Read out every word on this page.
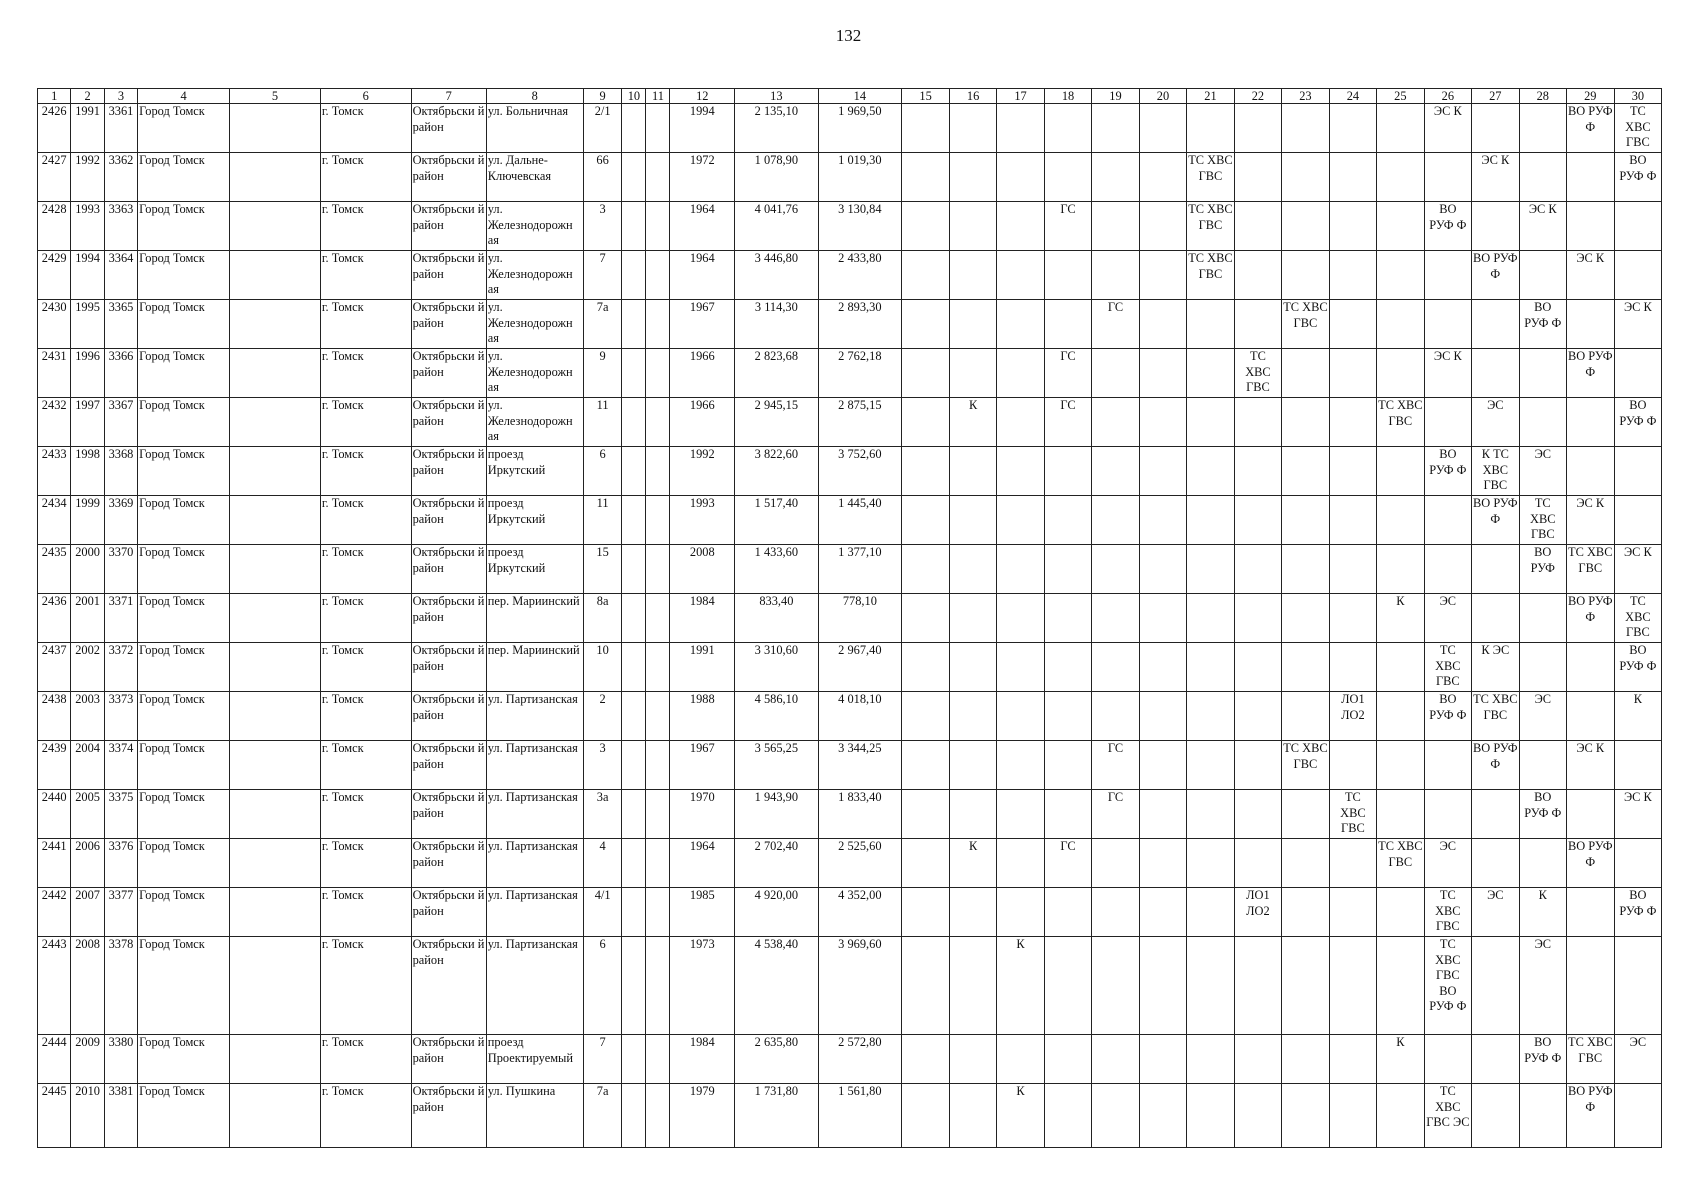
132
1	2	3	4	5	6	7	8	9	10	11	12	13	14	15	16	17	18	19	20	21	22	23	24	25	26	27	28	29	30
2426	1991	3361	Город Томск		г. Томск	Октябрьски й район	ул. Больничная	2/1			1994	2 135,10	1 969,50												ЭС К			ВО РУФ Ф	ТС ХВС ГВС
2427	1992	3362	Город Томск		г. Томск	Октябрьски й район	ул. Дальне-Ключевская	66			1972	1 078,90	1 019,30							ТС ХВС ГВС						ЭС К			ВО РУФ Ф
2428	1993	3363	Город Томск		г. Томск	Октябрьски й район	ул. Железнодорожн ая	3			1964	4 041,76	3 130,84				ГС			ТС ХВС ГВС					ВО РУФ Ф		ЭС К		
2429	1994	3364	Город Томск		г. Томск	Октябрьски й район	ул. Железнодорожн ая	7			1964	3 446,80	2 433,80							ТС ХВС ГВС						ВО РУФ Ф		ЭС К	
2430	1995	3365	Город Томск		г. Томск	Октябрьски й район	ул. Железнодорожн ая	7а			1967	3 114,30	2 893,30					ГС				ТС ХВС ГВС					ВО РУФ Ф		ЭС К
2431	1996	3366	Город Томск		г. Томск	Октябрьски й район	ул. Железнодорожн ая	9			1966	2 823,68	2 762,18				ГС				ТС ХВС ГВС				ЭС К			ВО РУФ Ф	
2432	1997	3367	Город Томск		г. Томск	Октябрьски й район	ул. Железнодорожн ая	11			1966	2 945,15	2 875,15		К		ГС							ТС ХВС ГВС		ЭС			ВО РУФ Ф
2433	1998	3368	Город Томск		г. Томск	Октябрьски й район	проезд Иркутский	6			1992	3 822,60	3 752,60												ВО РУФ Ф	К ТС ХВС ГВС	ЭС		
2434	1999	3369	Город Томск		г. Томск	Октябрьски й район	проезд Иркутский	11			1993	1 517,40	1 445,40													ВО РУФ Ф	ТС ХВС ГВС	ЭС К	
2435	2000	3370	Город Томск		г. Томск	Октябрьски й район	проезд Иркутский	15			2008	1 433,60	1 377,10														ВО РУФ	ТС ХВС ГВС	ЭС К
2436	2001	3371	Город Томск		г. Томск	Октябрьски й район	пер. Мариинский	8а			1984	833,40	778,10											К	ЭС			ВО РУФ Ф	ТС ХВС ГВС
2437	2002	3372	Город Томск		г. Томск	Октябрьски й район	пер. Мариинский	10			1991	3 310,60	2 967,40												ТС ХВС ГВС	К ЭС			ВО РУФ Ф
2438	2003	3373	Город Томск		г. Томск	Октябрьски й район	ул. Партизанская	2			1988	4 586,10	4 018,10										ЛО1 ЛО2		ВО РУФ Ф	ТС ХВС ГВС	ЭС		К
2439	2004	3374	Город Томск		г. Томск	Октябрьски й район	ул. Партизанская	3			1967	3 565,25	3 344,25					ГС				ТС ХВС ГВС				ВО РУФ Ф		ЭС К	
2440	2005	3375	Город Томск		г. Томск	Октябрьски й район	ул. Партизанская	3а			1970	1 943,90	1 833,40					ГС					ТС ХВС ГВС				ВО РУФ Ф		ЭС К
2441	2006	3376	Город Томск		г. Томск	Октябрьски й район	ул. Партизанская	4			1964	2 702,40	2 525,60		К		ГС							ТС ХВС ГВС	ЭС			ВО РУФ Ф	
2442	2007	3377	Город Томск		г. Томск	Октябрьски й район	ул. Партизанская	4/1			1985	4 920,00	4 352,00								ЛО1 ЛО2				ТС ХВС ГВС	ЭС	К		ВО РУФ Ф
2443	2008	3378	Город Томск		г. Томск	Октябрьски й район	ул. Партизанская	6			1973	4 538,40	3 969,60			К									ТС ХВС ГВС ВО РУФ Ф		ЭС		
2444	2009	3380	Город Томск		г. Томск	Октябрьски й район	проезд Проектируемый	7			1984	2 635,80	2 572,80											К			ВО РУФ Ф	ТС ХВС ГВС	ЭС
2445	2010	3381	Город Томск		г. Томск	Октябрьски й район	ул. Пушкина	7а			1979	1 731,80	1 561,80			К									ТС ХВС ГВС ЭС			ВО РУФ Ф	
